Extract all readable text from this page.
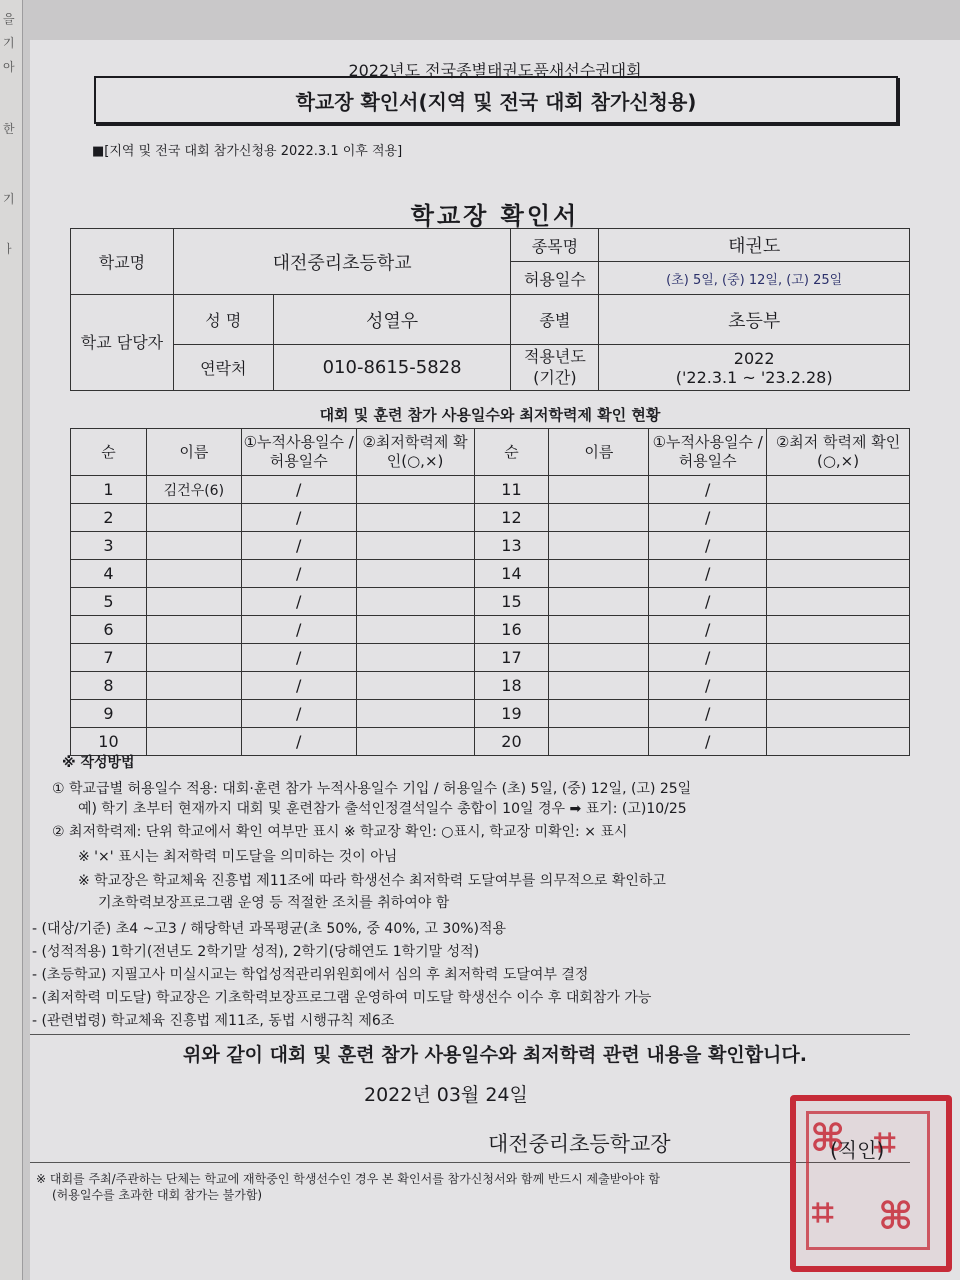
을
기
아
한
기
ㅏ
2022년도 전국종별태권도품새선수권대회
학교장 확인서(지역 및 전국 대회 참가신청용)
■[지역 및 전국 대회 참가신청용 2022.3.1 이후 적용]
학교장 확인서
학교명	대전중리초등학교		종목명	태권도
			허용일수	(초) 5일, (중) 12일, (고) 25일
학교 담당자	성 명	성열우	종별	초등부
	연락처	010-8615-5828	적용년도 (기간)	2022
('22.3.1 ~ '23.2.28)
대회 및 훈련 참가 사용일수와 최저학력제 확인 현황
순	이름	①누적사용일수 /허용일수	②최저학력제 확인(○,×)	순	이름	①누적사용일수 /허용일수	②최저 학력제 확인(○,×)
1	김건우(6)	/		11		/	
2		/		12		/	
3		/		13		/	
4		/		14		/	
5		/		15		/	
6		/		16		/	
7		/		17		/	
8		/		18		/	
9		/		19		/	
10		/		20		/	
※ 작성방법
① 학교급별 허용일수 적용: 대회·훈련 참가 누적사용일수 기입 / 허용일수 (초) 5일, (중) 12일, (고) 25일
예) 학기 초부터 현재까지 대회 및 훈련참가 출석인정결석일수 총합이 10일 경우 ➡ 표기: (고)10/25
② 최저학력제: 단위 학교에서 확인 여부만 표시 ※ 학교장 확인: ○표시, 학교장 미확인: × 표시
※ '×' 표시는 최저학력 미도달을 의미하는 것이 아님
※ 학교장은 학교체육 진흥법 제11조에 따라 학생선수 최저학력 도달여부를 의무적으로 확인하고
기초학력보장프로그램 운영 등 적절한 조치를 취하여야 함
- (대상/기준) 초4 ~고3 / 해당학년 과목평균(초 50%, 중 40%, 고 30%)적용
- (성적적용) 1학기(전년도 2학기말 성적), 2학기(당해연도 1학기말 성적)
- (초등학교) 지필고사 미실시교는 학업성적관리위원회에서 심의 후 최저학력 도달여부 결정
- (최저학력 미도달) 학교장은 기초학력보장프로그램 운영하여 미도달 학생선수 이수 후 대회참가 가능
- (관련법령) 학교체육 진흥법 제11조, 동법 시행규칙 제6조
위와 같이 대회 및 훈련 참가 사용일수와 최저학력 관련 내용을 확인합니다.
2022년 03월 24일
대전중리초등학교장
※ 대회를 주최/주관하는 단체는 학교에 재학중인 학생선수인 경우 본 확인서를 참가신청서와 함께 반드시 제출받아야 함
(허용일수를 초과한 대회 참가는 불가함)
⌘ ⌗
⌗ ⌘
(직인)
